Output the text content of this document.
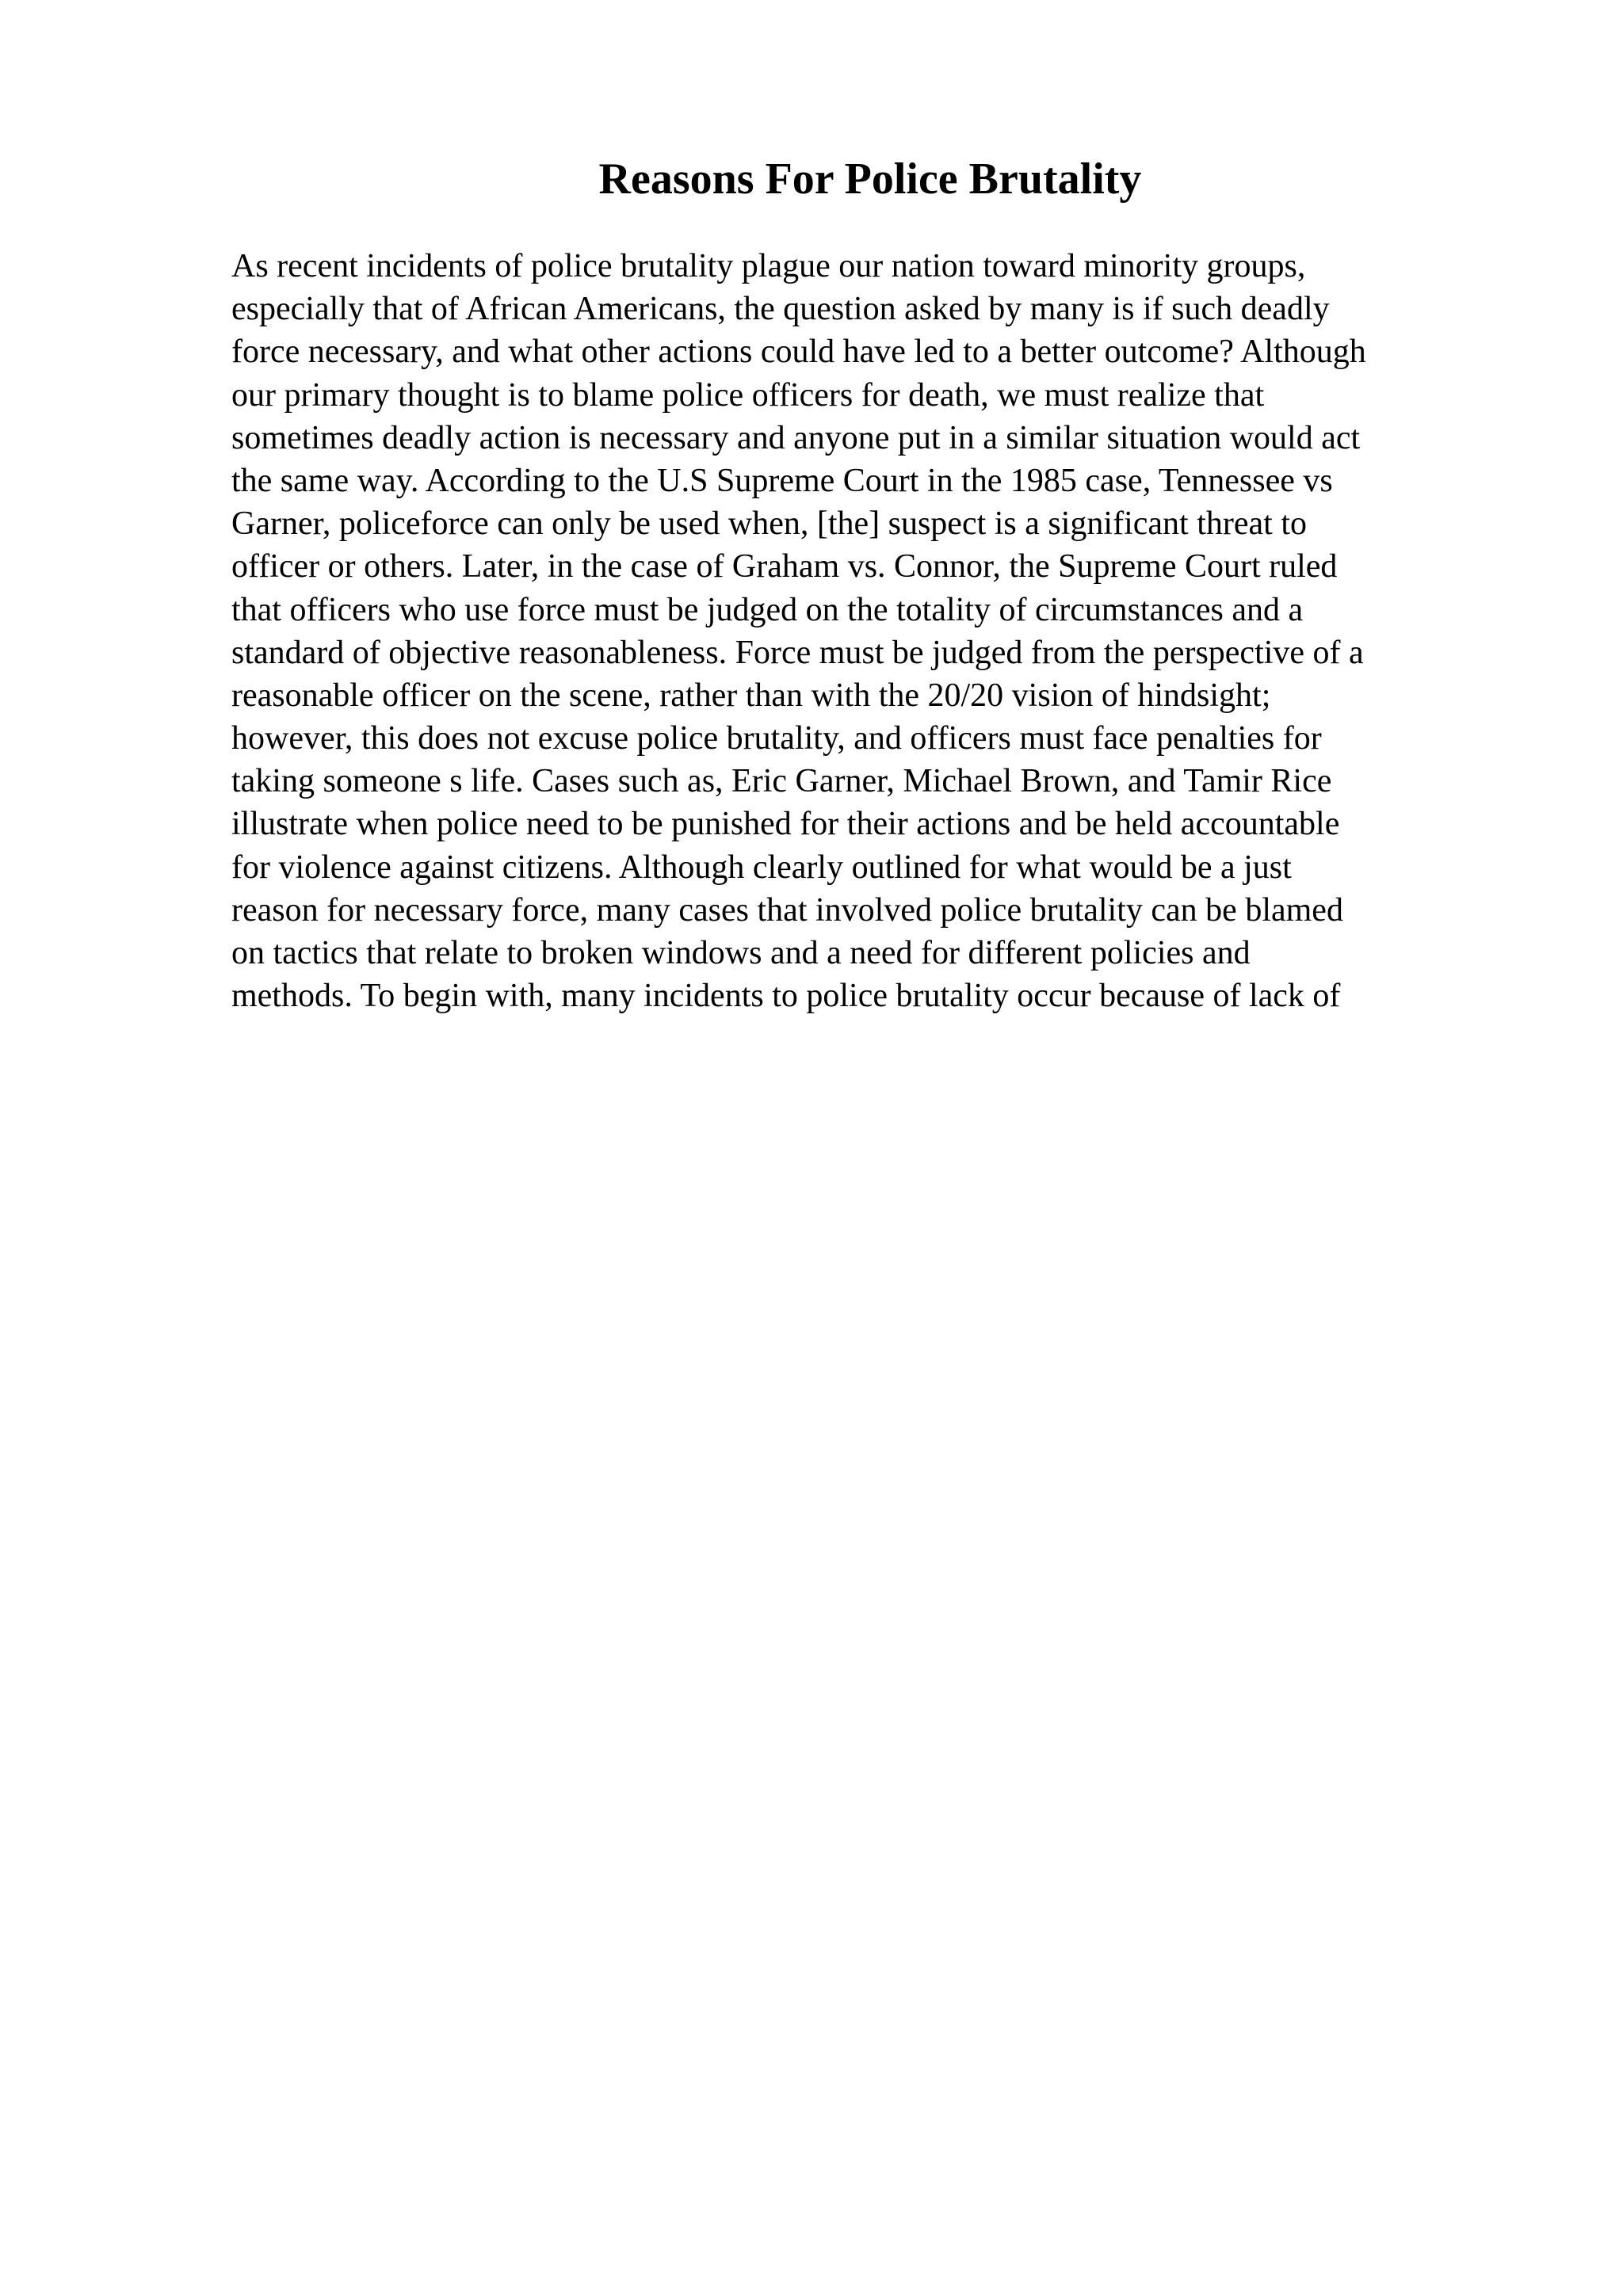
Reasons For Police Brutality
As recent incidents of police brutality plague our nation toward minority groups,
especially that of African Americans, the question asked by many is if such deadly
force necessary, and what other actions could have led to a better outcome? Although
our primary thought is to blame police officers for death, we must realize that
sometimes deadly action is necessary and anyone put in a similar situation would act
the same way. According to the U.S Supreme Court in the 1985 case, Tennessee vs
Garner, policeforce can only be used when, [the] suspect is a significant threat to
officer or others. Later, in the case of Graham vs. Connor, the Supreme Court ruled
that officers who use force must be judged on the totality of circumstances and a
standard of objective reasonableness. Force must be judged from the perspective of a
reasonable officer on the scene, rather than with the 20/20 vision of hindsight;
however, this does not excuse police brutality, and officers must face penalties for
taking someone s life. Cases such as, Eric Garner, Michael Brown, and Tamir Rice
illustrate when police need to be punished for their actions and be held accountable
for violence against citizens. Although clearly outlined for what would be a just
reason for necessary force, many cases that involved police brutality can be blamed
on tactics that relate to broken windows and a need for different policies and
methods. To begin with, many incidents to police brutality occur because of lack of
